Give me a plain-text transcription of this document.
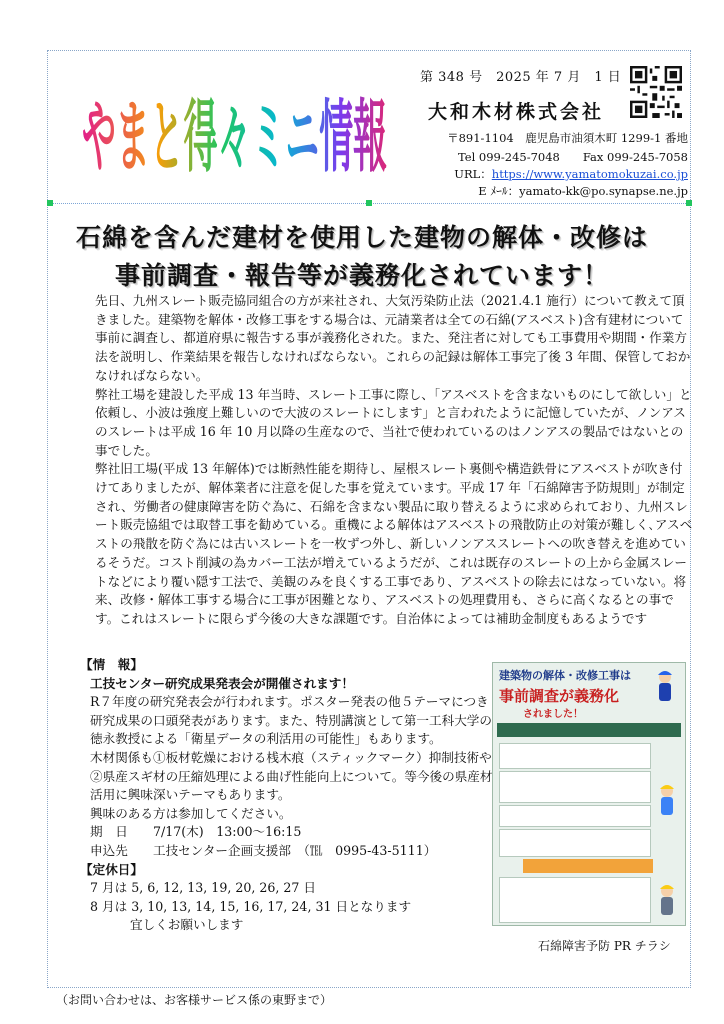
やまと得々ミニ情報
第 348 号　2025 年 7 月　1 日
大和木材株式会社
〒891-1104　鹿児島市油須木町 1299-1 番地
Tel 099-245-7048　　Fax 099-245-7058
URL：https://www.yamatomokuzai.co.jp
E ﾒｰﾙ：yamato-kk@po.synapse.ne.jp
石綿を含んだ建材を使用した建物の解体・改修は
事前調査・報告等が義務化されています！

先日、九州スレート販売協同組合の方が来社され、大気汚染防止法（2021.4.1 施行）について教えて頂きました。建築物を解体・改修工事をする場合は、元請業者は全ての石綿(アスベスト)含有建材について事前に調査し、都道府県に報告する事が義務化された。また、発注者に対しても工事費用や期間・作業方法を説明し、作業結果を報告しなければならない。これらの記録は解体工事完了後 3 年間、保管しておかなければならない。

弊社工場を建設した平成 13 年当時、スレート工事に際し、「アスベストを含まないものにして欲しい」と依頼し、小波は強度上難しいので大波のスレートにします」と言われたように記憶していたが、ノンアスのスレートは平成 16 年 10 月以降の生産なので、当社で使われているのはノンアスの製品ではないとの事でした。

弊社旧工場(平成 13 年解体)では断熱性能を期待し、屋根スレート裏側や構造鉄骨にアスベストが吹き付けてありましたが、解体業者に注意を促した事を覚えています。平成 17 年「石綿障害予防規則」が制定され、労働者の健康障害を防ぐ為に、石綿を含まない製品に取り替えるように求められており、九州スレート販売協組では取替工事を勧めている。重機による解体はアスベストの飛散防止の対策が難しく､アスベストの飛散を防ぐ為には古いスレートを一枚ずつ外し、新しいノンアススレートへの吹き替えを進めているそうだ。コスト削減の為カバー工法が増えているようだが、これは既存のスレートの上から金属スレートなどにより覆い隠す工法で、美観のみを良くする工事であり、アスベストの除去にはなっていない。将来、改修・解体工事する場合に工事が困難となり、アスベストの処理費用も、さらに高くなるとの事です。これはスレートに限らず今後の大きな課題です。自治体によっては補助金制度もあるようです

【情　報】
工技センター研究成果発表会が開催されます！
R７年度の研究発表会が行われます。ポスター発表の他５テーマにつき研究成果の口頭発表があります。また、特別講演として第一工科大学の徳永教授による「衛星データの利活用の可能性」もあります。
木材関係も①板材乾燥における桟木痕（スティックマーク）抑制技術や②県産スギ材の圧縮処理による曲げ性能向上について。等今後の県産材活用に興味深いテーマもあります。
興味のある方は参加してください。
期　日　　7/17(木)　13:00～16:15
申込先　　工技センター企画支援部　（℡　0995-43-5111）
【定休日】
7 月は 5, 6, 12, 13, 19, 20, 26, 27 日
8 月は 3, 10, 13, 14, 15, 16, 17, 24, 31 日となります
宜しくお願いします
建築物の解体・改修工事は
事前調査が義務化
されました！
石綿障害予防 PR チラシ
（お問い合わせは、お客様サービス係の東野まで）
